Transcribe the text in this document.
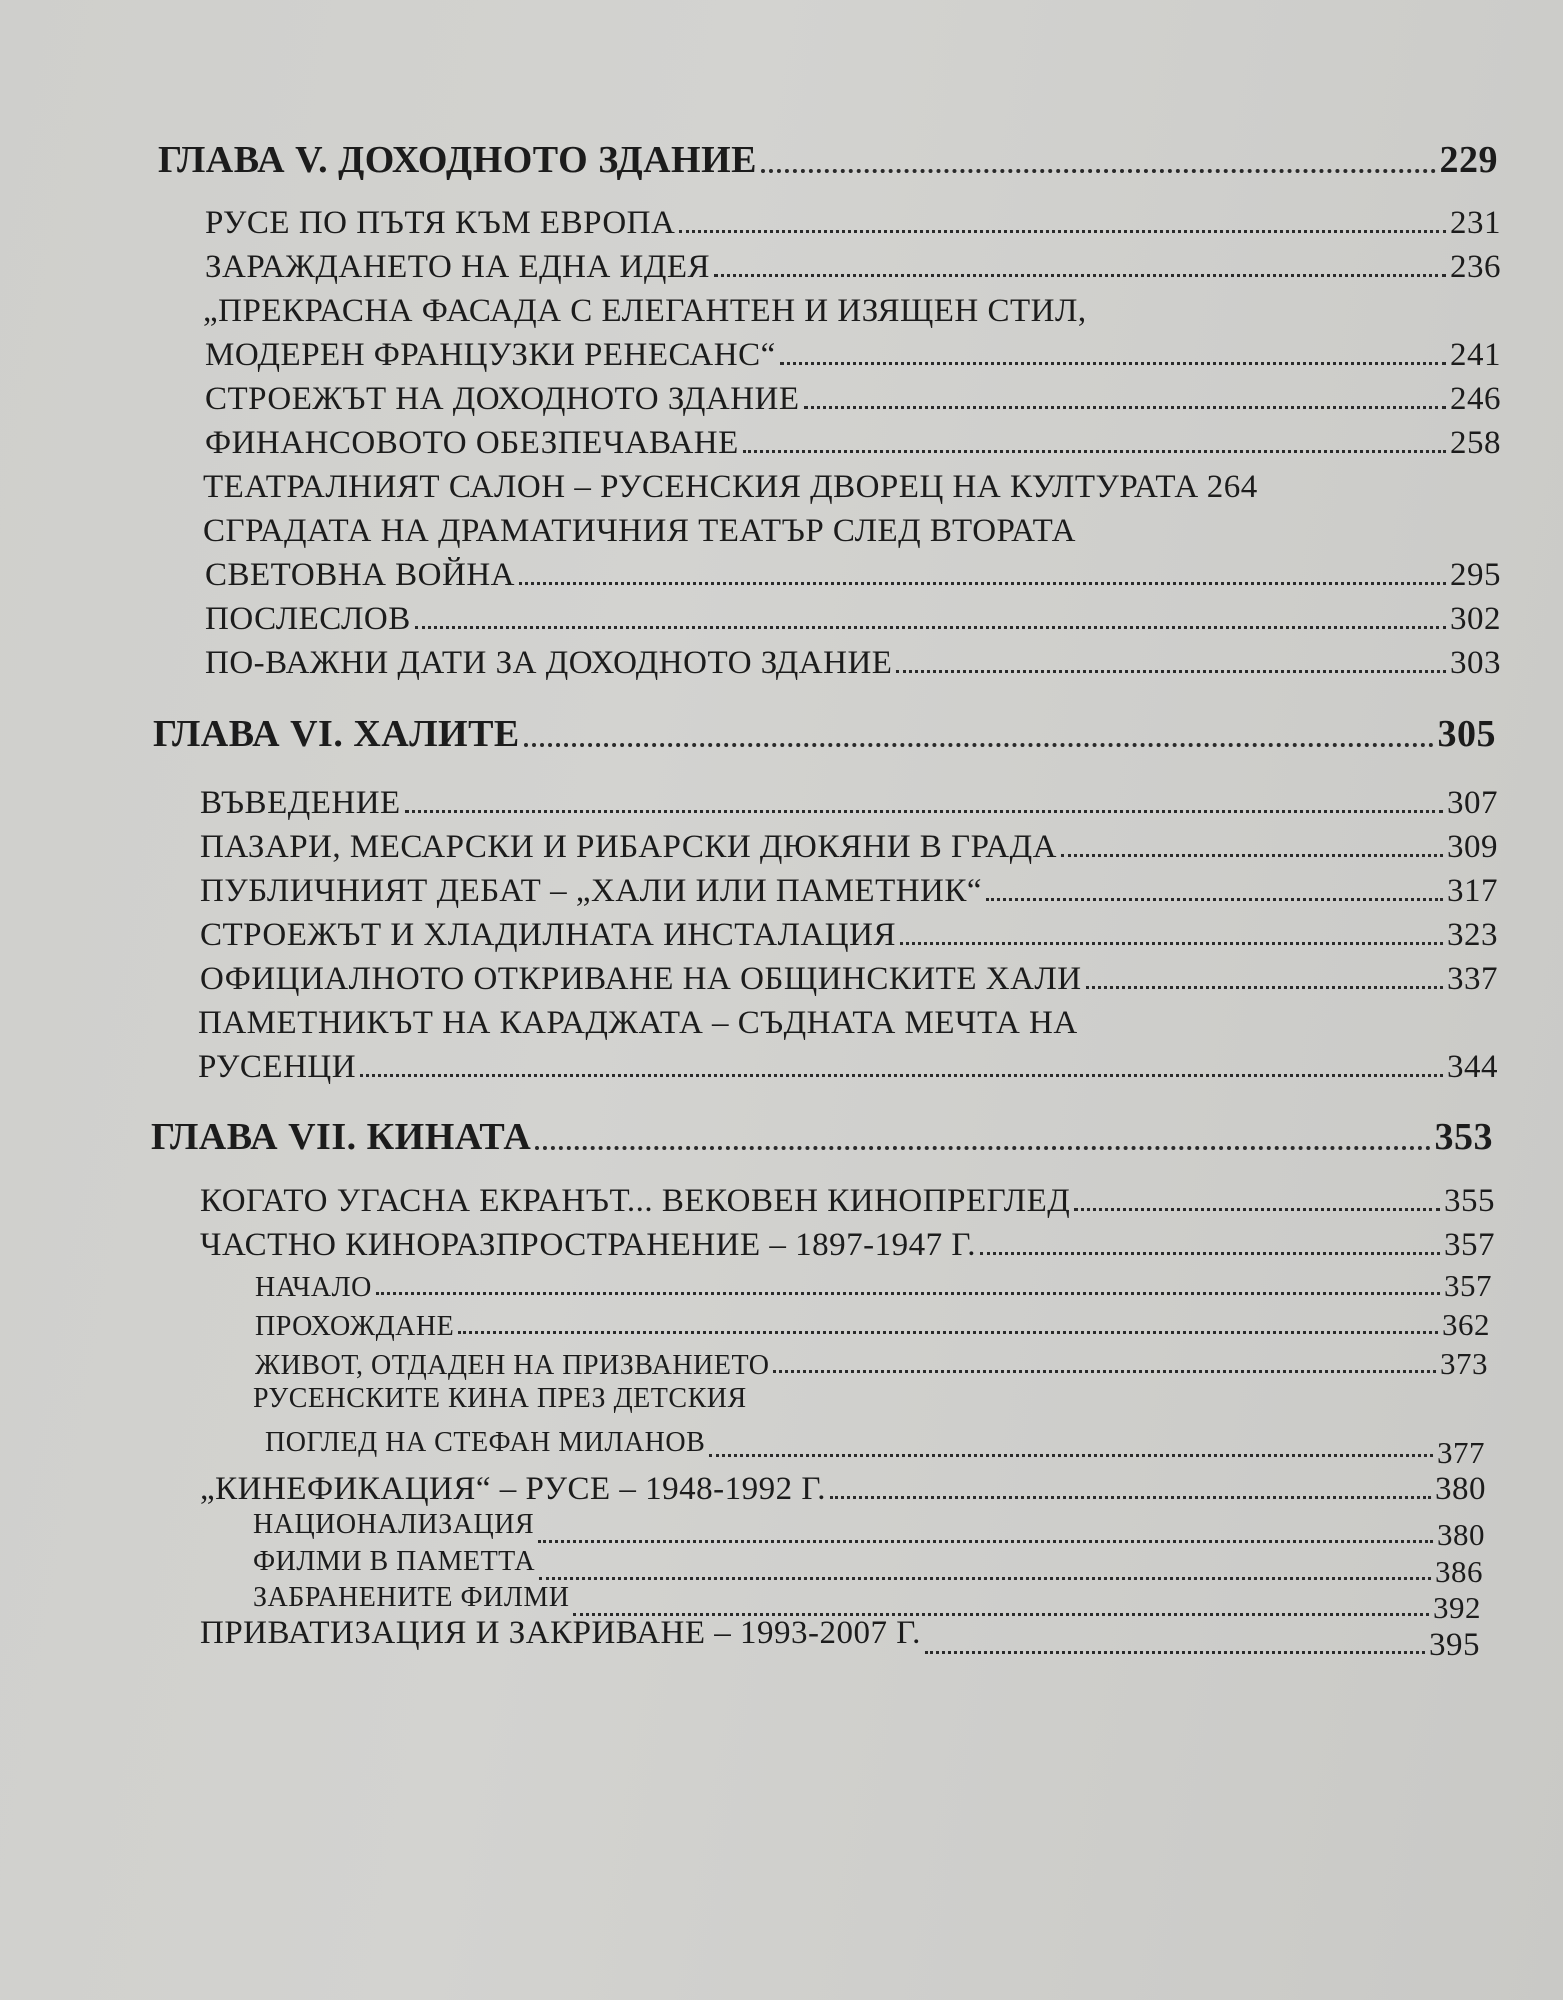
ГЛАВА V. ДОХОДНОТО ЗДАНИЕ	229
РУСЕ ПО ПЪТЯ КЪМ ЕВРОПА	231
ЗАРАЖДАНЕТО НА ЕДНА ИДЕЯ	236
„ПРЕКРАСНА ФАСАДА С ЕЛЕГАНТЕН И ИЗЯЩЕН СТИЛ,
МОДЕРЕН ФРАНЦУЗКИ РЕНЕСАНС“	241
СТРОЕЖЪТ НА ДОХОДНОТО ЗДАНИЕ	246
ФИНАНСОВОТО ОБЕЗПЕЧАВАНЕ	258
ТЕАТРАЛНИЯТ САЛОН – РУСЕНСКИЯ ДВОРЕЦ НА КУЛТУРАТА 264
СГРАДАТА НА ДРАМАТИЧНИЯ ТЕАТЪР СЛЕД ВТОРАТА
СВЕТОВНА ВОЙНА	295
ПОСЛЕСЛОВ	302
ПО-ВАЖНИ ДАТИ ЗА ДОХОДНОТО ЗДАНИЕ	303
ГЛАВА VI. ХАЛИТЕ	305
ВЪВЕДЕНИЕ	307
ПАЗАРИ, МЕСАРСКИ И РИБАРСКИ ДЮКЯНИ В ГРАДА	309
ПУБЛИЧНИЯТ ДЕБАТ – „ХАЛИ ИЛИ ПАМЕТНИК“	317
СТРОЕЖЪТ И ХЛАДИЛНАТА ИНСТАЛАЦИЯ	323
ОФИЦИАЛНОТО ОТКРИВАНЕ НА ОБЩИНСКИТЕ ХАЛИ	337
ПАМЕТНИКЪТ НА КАРАДЖАТА – СЪДНАТА МЕЧТА НА
РУСЕНЦИ	344
ГЛАВА VII. КИНАТА	353
КОГАТО УГАСНА ЕКРАНЪТ... ВЕКОВЕН КИНОПРЕГЛЕД	355
ЧАСТНО КИНОРАЗПРОСТРАНЕНИЕ – 1897-1947 Г.	357
НАЧАЛО	357
ПРОХОЖДАНЕ	362
ЖИВОТ, ОТДАДЕН НА ПРИЗВАНИЕТО	373
РУСЕНСКИТЕ КИНА ПРЕЗ ДЕТСКИЯ
ПОГЛЕД НА СТЕФАН МИЛАНОВ	377
„КИНЕФИКАЦИЯ“ – РУСЕ – 1948-1992 Г.	380
НАЦИОНАЛИЗАЦИЯ	380
ФИЛМИ В ПАМЕТТА	386
ЗАБРАНЕНИТЕ ФИЛМИ	392
ПРИВАТИЗАЦИЯ И ЗАКРИВАНЕ – 1993-2007 Г.	395
